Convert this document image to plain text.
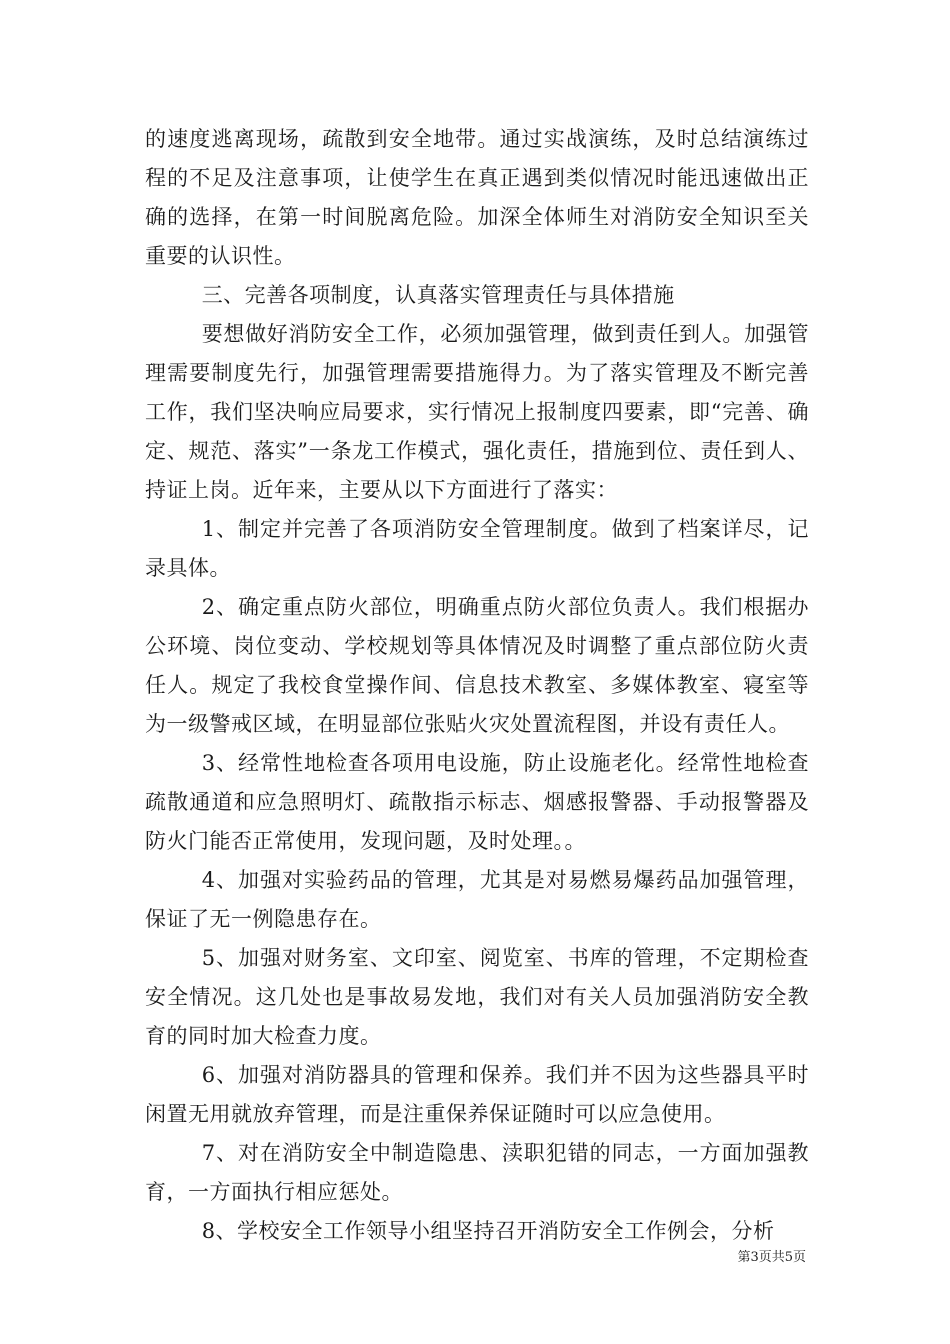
的速度逃离现场，疏散到安全地带。通过实战演练，及时总结演练过程的不足及注意事项，让使学生在真正遇到类似情况时能迅速做出正确的选择，在第一时间脱离危险。加深全体师生对消防安全知识至关重要的认识性。

三、完善各项制度，认真落实管理责任与具体措施

要想做好消防安全工作，必须加强管理，做到责任到人。加强管理需要制度先行，加强管理需要措施得力。为了落实管理及不断完善工作，我们坚决响应局要求，实行情况上报制度四要素，即“完善、确定、规范、落实”一条龙工作模式，强化责任，措施到位、责任到人、持证上岗。近年来，主要从以下方面进行了落实：

1、制定并完善了各项消防安全管理制度。做到了档案详尽，记录具体。

2、确定重点防火部位，明确重点防火部位负责人。我们根据办公环境、岗位变动、学校规划等具体情况及时调整了重点部位防火责任人。规定了我校食堂操作间、信息技术教室、多媒体教室、寝室等为一级警戒区域，在明显部位张贴火灾处置流程图，并设有责任人。

3、经常性地检查各项用电设施，防止设施老化。经常性地检查疏散通道和应急照明灯、疏散指示标志、烟感报警器、手动报警器及防火门能否正常使用，发现问题，及时处理。。

4、加强对实验药品的管理，尤其是对易燃易爆药品加强管理，保证了无一例隐患存在。

5、加强对财务室、文印室、阅览室、书库的管理，不定期检查安全情况。这几处也是事故易发地，我们对有关人员加强消防安全教育的同时加大检查力度。

6、加强对消防器具的管理和保养。我们并不因为这些器具平时闲置无用就放弃管理，而是注重保养保证随时可以应急使用。

7、对在消防安全中制造隐患、渎职犯错的同志，一方面加强教育，一方面执行相应惩处。

8、学校安全工作领导小组坚持召开消防安全工作例会，分析

第3页共5页
